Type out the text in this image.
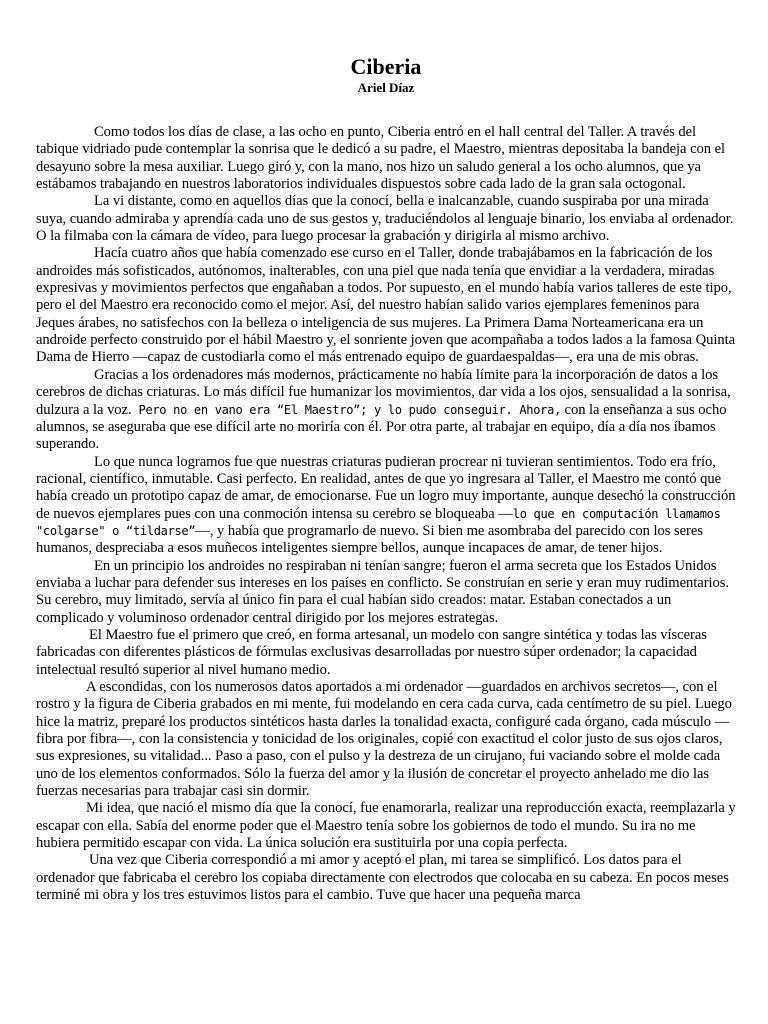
Ciberia
Ariel Díaz

Como todos los días de clase, a las ocho en punto, Ciberia entró en el hall central del Taller. A través del tabique vidriado pude contemplar la sonrisa que le dedicó a su padre, el Maestro, mientras depositaba la bandeja con el desayuno sobre la mesa auxiliar. Luego giró y, con la mano, nos hizo un saludo general a los ocho alumnos, que ya estábamos trabajando en nuestros laboratorios individuales dispuestos sobre cada lado de la gran sala octogonal.

La vi distante, como en aquellos días que la conocí, bella e inalcanzable, cuando suspiraba por una mirada suya, cuando admiraba y aprendía cada uno de sus gestos y, traduciéndolos al lenguaje binario, los enviaba al ordenador. O la filmaba con la cámara de vídeo, para luego procesar la grabación y dirigirla al mismo archivo.

Hacía cuatro años que había comenzado ese curso en el Taller, donde trabajábamos en la fabricación de los androides más sofisticados, autónomos, inalterables, con una piel que nada tenía que envidiar a la verdadera, miradas expresivas y movimientos perfectos que engañaban a todos. Por supuesto, en el mundo había varios talleres de este tipo, pero el del Maestro era reconocido como el mejor. Así, del nuestro habían salido varios ejemplares femeninos para Jeques árabes, no satisfechos con la belleza o inteligencia de sus mujeres. La Primera Dama Norteamericana era un androide perfecto construido por el hábil Maestro y, el sonriente joven que acompañaba a todos lados a la famosa Quinta Dama de Hierro —capaz de custodiarla como el más entrenado equipo de guardaespaldas—, era una de mis obras.

Gracias a los ordenadores más modernos, prácticamente no había límite para la incorporación de datos a los cerebros de dichas criaturas. Lo más difícil fue humanizar los movimientos, dar vida a los ojos, sensualidad a la sonrisa, dulzura a la voz. Pero no en vano era “El Maestro”; y lo pudo conseguir. Ahora, con la enseñanza a sus ocho alumnos, se aseguraba que ese difícil arte no moriría con él. Por otra parte, al trabajar en equipo, día a día nos íbamos superando.

Lo que nunca logramos fue que nuestras criaturas pudieran procrear ni tuvieran sentimientos. Todo era frío, racional, científico, inmutable. Casi perfecto. En realidad, antes de que yo ingresara al Taller, el Maestro me contó que había creado un prototipo capaz de amar, de emocionarse. Fue un logro muy importante, aunque desechó la construcción de nuevos ejemplares pues con una conmoción intensa su cerebro se bloqueaba —lo que en computación llamamos "colgarse" o “tildarse”—, y había que programarlo de nuevo. Si bien me asombraba del parecido con los seres humanos, despreciaba a esos muñecos inteligentes siempre bellos, aunque incapaces de amar, de tener hijos.

En un principio los androides no respiraban ni tenían sangre; fueron el arma secreta que los Estados Unidos enviaba a luchar para defender sus intereses en los países en conflicto. Se construían en serie y eran muy rudimentarios. Su cerebro, muy limitado, servía al único fin para el cual habían sido creados: matar. Estaban conectados a un complicado y voluminoso ordenador central dirigido por los mejores estrategas.

El Maestro fue el primero que creó, en forma artesanal, un modelo con sangre sintética y todas las vísceras fabricadas con diferentes plásticos de fórmulas exclusivas desarrolladas por nuestro súper ordenador; la capacidad intelectual resultó superior al nivel humano medio.

A escondidas, con los numerosos datos aportados a mi ordenador —guardados en archivos secretos—, con el rostro y la figura de Ciberia grabados en mi mente, fui modelando en cera cada curva, cada centímetro de su piel. Luego hice la matriz, preparé los productos sintéticos hasta darles la tonalidad exacta, configuré cada órgano, cada músculo —fibra por fibra—, con la consistencia y tonicidad de los originales, copié con exactitud el color justo de sus ojos claros, sus expresiones, su vitalidad... Paso a paso, con el pulso y la destreza de un cirujano, fui vaciando sobre el molde cada uno de los elementos conformados. Sólo la fuerza del amor y la ilusión de concretar el proyecto anhelado me dio las fuerzas necesarias para trabajar casi sin dormir.

Mi idea, que nació el mismo día que la conocí, fue enamorarla, realizar una reproducción exacta, reemplazarla y escapar con ella. Sabía del enorme poder que el Maestro tenía sobre los gobiernos de todo el mundo. Su ira no me hubiera permitido escapar con vida. La única solución era sustituirla por una copia perfecta.

Una vez que Ciberia correspondió a mi amor y aceptó el plan, mi tarea se simplificó. Los datos para el ordenador que fabricaba el cerebro los copiaba directamente con electrodos que colocaba en su cabeza. En pocos meses terminé mi obra y los tres estuvimos listos para el cambio. Tuve que hacer una pequeña marca
